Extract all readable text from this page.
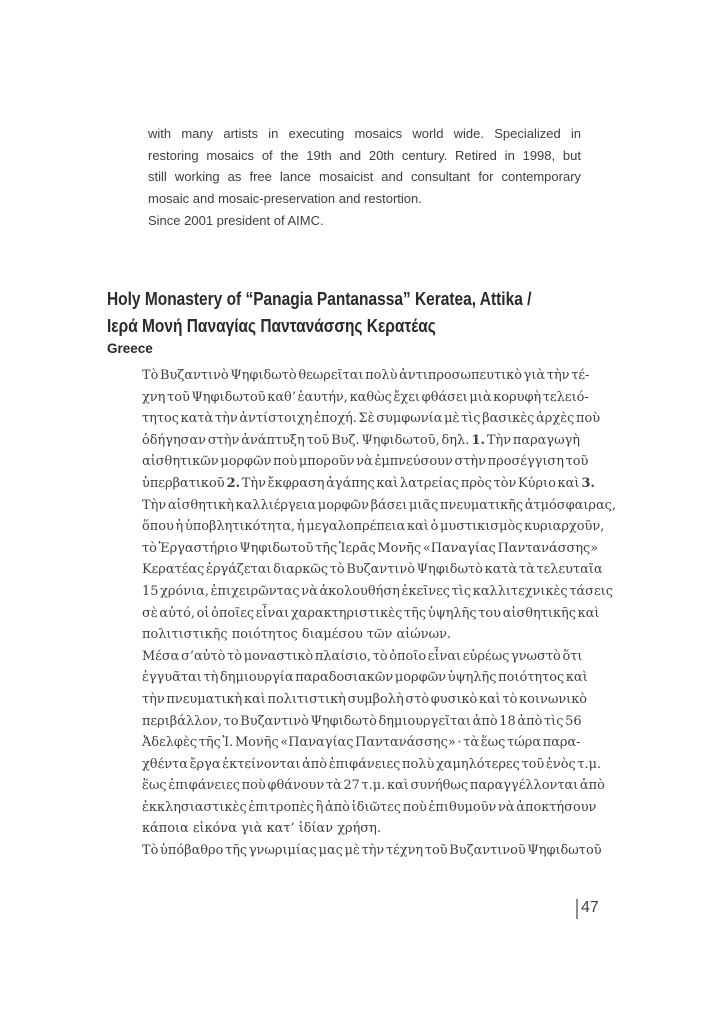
with many artists in executing mosaics world wide. Specialized in
restoring mosaics of the 19th and 20th century. Retired in 1998, but
still working as free lance mosaicist and consultant for contemporary
mosaic and mosaic-preservation and restortion.
Since 2001 president of AIMC.
Holy Monastery of “Panagia Pantanassa” Keratea, Attika /
Ιερά Μονή Παναγίας Παντανάσσης Κερατέας
Greece
Τὸ Βυζαντινὸ Ψηφιδωτὸ θεωρεῖται πολὺ ἀντιπροσωπευτικὸ γιὰ τὴν τέ-
χνη τοῦ Ψηφιδωτοῦ καθ’ ἑαυτήν, καθὼς ἔχει φθάσει μιὰ κορυφὴ τελειό-
τητος κατὰ τὴν ἀντίστοιχη ἐποχή. Σὲ συμφωνία μὲ τὶς βασικὲς ἀρχὲς ποὺ
ὁδήγησαν στὴν ἀνάπτυξη τοῦ Βυζ. Ψηφιδωτοῦ, δηλ. 1. Τὴν παραγωγὴ
αἰσθητικῶν μορφῶν ποὺ μποροῦν νὰ ἐμπνεύσουν στὴν προσέγγιση τοῦ
ὑπερβατικοῦ 2. Τὴν ἔκφραση ἀγάπης καὶ λατρείας πρὸς τὸν Κύριο καὶ 3.
Τὴν αἰσθητικὴ καλλιέργεια μορφῶν βάσει μιᾶς πνευματικῆς ἀτμόσφαιρας,
ὅπου ἡ ὑποβλητικότητα, ἡ μεγαλοπρέπεια καὶ ὁ μυστικισμὸς κυριαρχοῦν,
τὸ Ἐργαστήριο Ψηφιδωτοῦ τῆς Ἱερᾶς Μονῆς «Παναγίας Παντανάσσης»
Κερατέας ἐργάζεται διαρκῶς τὸ Βυζαντινὸ Ψηφιδωτὸ κατὰ τὰ τελευταῖα
15 χρόνια, ἐπιχειρῶντας νὰ ἀκολουθήση ἐκεῖνες τὶς καλλιτεχνικὲς τάσεις
σὲ αὐτό, οἱ ὁποῖες εἶναι χαρακτηριστικὲς τῆς ὑψηλῆς του αἰσθητικῆς καὶ
πολιτιστικῆς ποιότητος διαμέσου τῶν αἰώνων.
Μέσα σ’αὐτὸ τὸ μοναστικὸ πλαίσιο, τὸ ὁποῖο εἶναι εὐρέως γνωστὸ ὅτι
ἐγγυᾶται τὴ δημιουργία παραδοσιακῶν μορφῶν ὑψηλῆς ποιότητος καὶ
τὴν πνευματικὴ καὶ πολιτιστικὴ συμβολὴ στὸ φυσικὸ καὶ τὸ κοινωνικὸ
περιβάλλον, το Βυζαντινὸ Ψηφιδωτὸ δημιουργεῖται ἀπὸ 18 ἀπὸ τὶς 56
Ἀδελφὲς τῆς Ἱ. Μονῆς «Παναγίας Παντανάσσης» · τὰ ἕως τώρα παρα-
χθέντα ἔργα ἐκτείνονται ἀπὸ ἐπιφάνειες πολὺ χαμηλότερες τοῦ ἑνὸς τ.μ.
ἕως ἐπιφάνειες ποὺ φθάνουν τὰ 27 τ.μ. καὶ συνήθως παραγγέλλονται ἀπὸ
ἐκκλησιαστικὲς ἐπιτροπὲς ἢ ἀπὸ ἰδιῶτες ποὺ ἐπιθυμοῦν νὰ ἀποκτήσουν
κάποια εἰκόνα γιὰ κατ’ ἰδίαν χρήση.
Τὸ ὑπόβαθρο τῆς γνωριμίας μας μὲ τὴν τέχνη τοῦ Βυζαντινοῦ Ψηφιδωτοῦ
47
